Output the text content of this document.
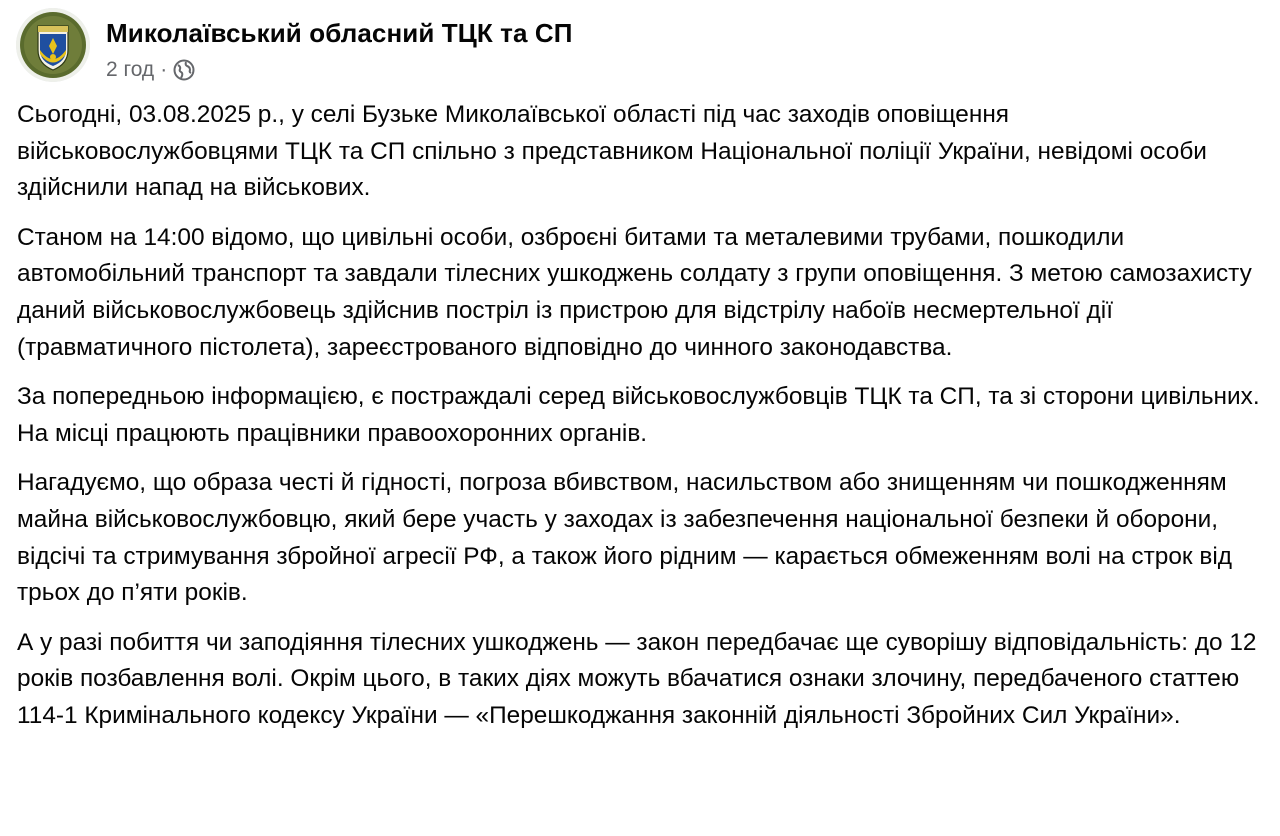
Миколаївський обласний ТЦК та СП
2 год ·

Сьогодні, 03.08.2025 р., у селі Бузьке Миколаївської області під час заходів оповіщення військовослужбовцями ТЦК та СП спільно з представником Національної поліції України, невідомі особи здійснили напад на військових.

Станом на 14:00 відомо, що цивільні особи, озброєні битами та металевими трубами, пошкодили автомобільний транспорт та завдали тілесних ушкоджень солдату з групи оповіщення. З метою самозахисту даний військовослужбовець здійснив постріл із пристрою для відстрілу набоїв несмертельної дії (травматичного пістолета), зареєстрованого відповідно до чинного законодавства.

За попередньою інформацією, є постраждалі серед військовослужбовців ТЦК та СП, та зі сторони цивільних. На місці працюють працівники правоохоронних органів.

Нагадуємо, що образа честі й гідності, погроза вбивством, насильством або знищенням чи пошкодженням майна військовослужбовцю, який бере участь у заходах із забезпечення національної безпеки й оборони, відсічі та стримування збройної агресії РФ, а також його рідним — карається обмеженням волі на строк від трьох до п’яти років.

А у разі побиття чи заподіяння тілесних ушкоджень — закон передбачає ще суворішу відповідальність: до 12 років позбавлення волі. Окрім цього, в таких діях можуть вбачатися ознаки злочину, передбаченого статтею 114-1 Кримінального кодексу України — «Перешкоджання законній діяльності Збройних Сил України».
